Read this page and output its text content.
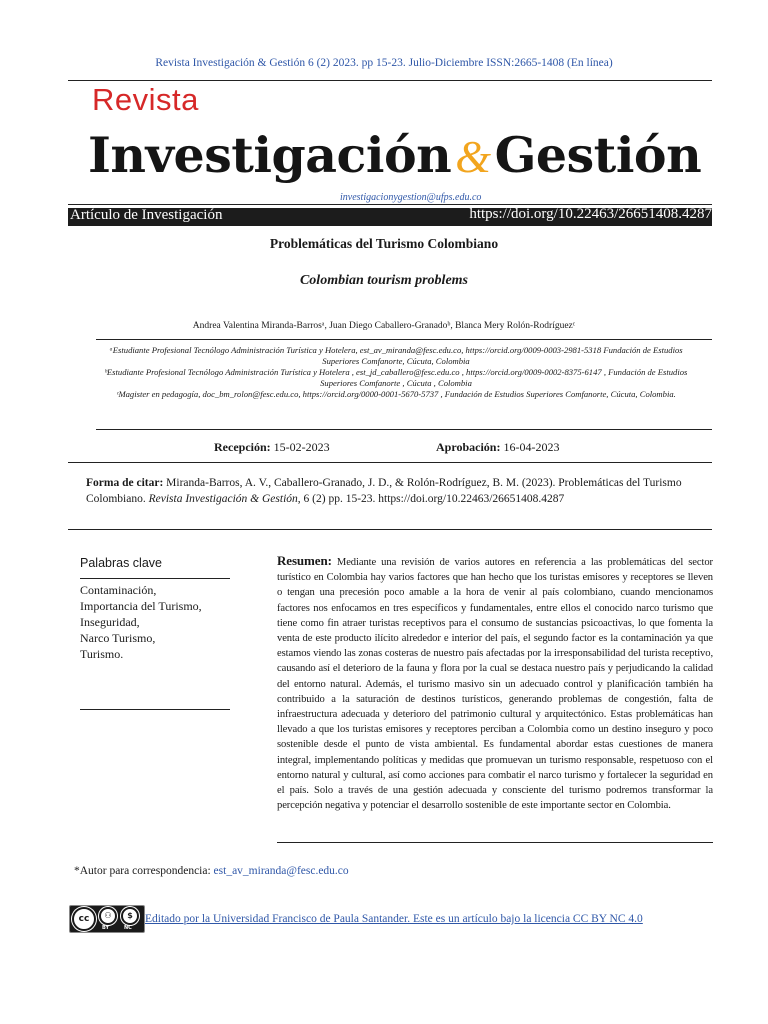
Revista Investigación & Gestión 6 (2) 2023. pp 15-23. Julio-Diciembre ISSN:2665-1408 (En línea)
Revista
Investigación&Gestión
investigacionygestion@ufps.edu.co
Artículo de Investigación	https://doi.org/10.22463/26651408.4287
Problemáticas del Turismo Colombiano
Colombian tourism problems
Andrea Valentina Miranda-Barrosᵃ, Juan Diego Caballero-Granadoᵇ, Blanca Mery Rolón-Rodríguezᶜ

ᵃEstudiante Profesional Tecnólogo Administración Turística y Hotelera, est_av_miranda@fesc.edu.co, https://orcid.org/0009-0003-2981-5318 Fundación de Estudios Superiores Comfanorte, Cúcuta, Colombia

ᵇEstudiante Profesional Tecnólogo Administración Turística y Hotelera , est_jd_caballero@fesc.edu.co , https://orcid.org/0009-0002-8375-6147 , Fundación de Estudios Superiores Comfanorte , Cúcuta , Colombia

ᶜMagister en pedagogía, doc_bm_rolon@fesc.edu.co, https://orcid.org/0000-0001-5670-5737 , Fundación de Estudios Superiores Comfanorte, Cúcuta, Colombia.

Recepción: 15-02-2023	Aprobación: 16-04-2023
Forma de citar: Miranda-Barros, A. V., Caballero-Granado, J. D., & Rolón-Rodríguez, B. M. (2023). Problemáticas del Turismo Colombiano. Revista Investigación & Gestión, 6 (2) pp. 15-23. https://doi.org/10.22463/26651408.4287
Palabras clave
Contaminación,
Importancia del Turismo,
Inseguridad,
Narco Turismo,
Turismo.
Resumen: Mediante una revisión de varios autores en referencia a las problemáticas del sector turístico en Colombia hay varios factores que han hecho que los turistas emisores y receptores se lleven o tengan una precesión poco amable a la hora de venir al país colombiano, cuando mencionamos factores nos enfocamos en tres específicos y fundamentales, entre ellos el conocido narco turismo que tiene como fin atraer turistas receptivos para el consumo de sustancias psicoactivas, lo que fomenta la venta de este producto ilícito alrededor e interior del país, el segundo factor es la contaminación ya que estamos viendo las zonas costeras de nuestro país afectadas por la irresponsabilidad del turista receptivo, causando así el deterioro de la fauna y flora por la cual se destaca nuestro país y perjudicando la calidad del entorno natural. Además, el turismo masivo sin un adecuado control y planificación también ha contribuido a la saturación de destinos turísticos, generando problemas de congestión, falta de infraestructura adecuada y deterioro del patrimonio cultural y arquitectónico. Estas problemáticas han llevado a que los turistas emisores y receptores perciban a Colombia como un destino inseguro y poco sostenible desde el punto de vista ambiental. Es fundamental abordar estas cuestiones de manera integral, implementando políticas y medidas que promuevan un turismo responsable, respetuoso con el entorno natural y cultural, así como acciones para combatir el narco turismo y fortalecer la seguridad en el país. Solo a través de una gestión adecuada y consciente del turismo podremos transformar la percepción negativa y potenciar el desarrollo sostenible de este importante sector en Colombia.
*Autor para correspondencia: est_av_miranda@fesc.edu.co
cc	⚇	$
BY	NC
Editado por la Universidad Francisco de Paula Santander. Este es un artículo bajo la licencia CC BY NC 4.0
